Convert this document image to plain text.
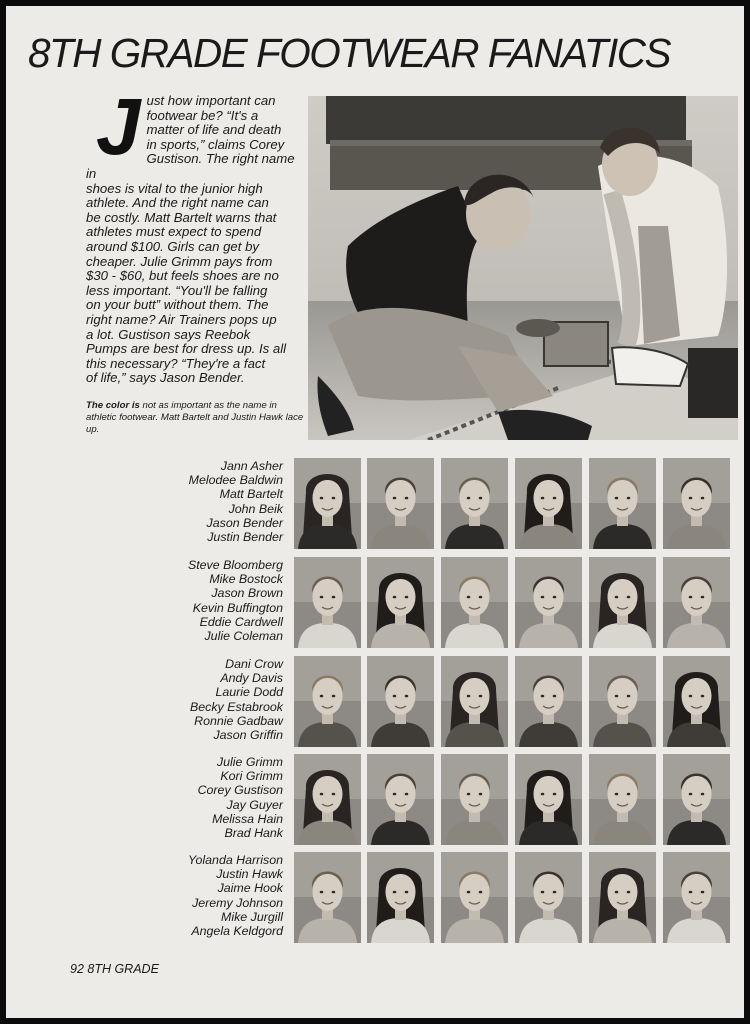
8TH GRADE FOOTWEAR FANATICS
J ust how important can
footwear be? “It's a
matter of life and death
in sports,” claims Corey
Gustison. The right name in
shoes is vital to the junior high
athlete. And the right name can
be costly. Matt Bartelt warns that
athletes must expect to spend
around $100. Girls can get by
cheaper. Julie Grimm pays from
$30 - $60, but feels shoes are no
less important. “You'll be falling
on your butt” without them. The
right name? Air Trainers pops up
a lot. Gustison says Reebok
Pumps are best for dress up. Is all
this necessary? “They're a fact
of life,” says Jason Bender.
The color is not as important as the name in athletic footwear. Matt Bartelt and Justin Hawk lace up.
Jann Asher
Melodee Baldwin
Matt Bartelt
John Beik
Jason Bender
Justin Bender
Steve Bloomberg
Mike Bostock
Jason Brown
Kevin Buffington
Eddie Cardwell
Julie Coleman
Dani Crow
Andy Davis
Laurie Dodd
Becky Estabrook
Ronnie Gadbaw
Jason Griffin
Julie Grimm
Kori Grimm
Corey Gustison
Jay Guyer
Melissa Hain
Brad Hank
Yolanda Harrison
Justin Hawk
Jaime Hook
Jeremy Johnson
Mike Jurgill
Angela Keldgord
92 8TH GRADE
